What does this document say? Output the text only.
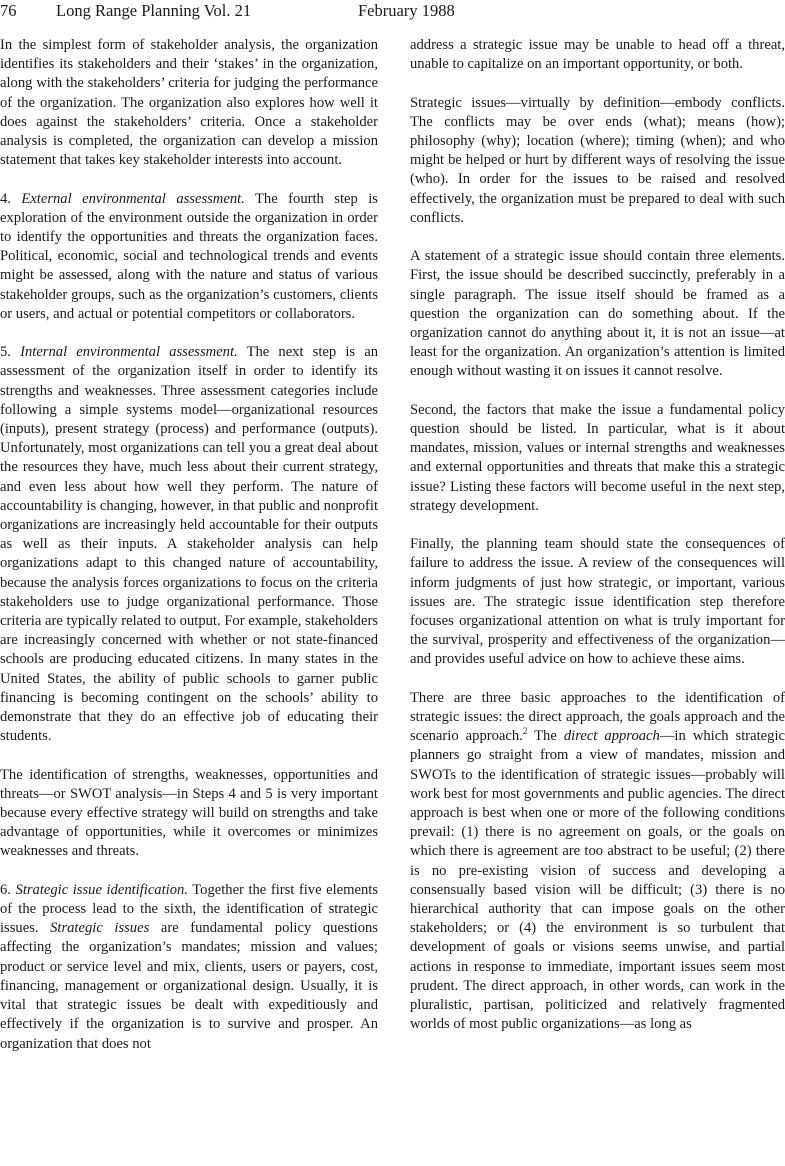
76 Long Range Planning Vol. 21	February 1988

In the simplest form of stakeholder analysis, the organization identifies its stakeholders and their ‘stakes’ in the organization, along with the stakeholders’ criteria for judging the performance of the organization. The organization also explores how well it does against the stakeholders’ criteria. Once a stakeholder analysis is completed, the organization can develop a mission statement that takes key stakeholder interests into account.

4. External environmental assessment. The fourth step is exploration of the environment outside the organization in order to identify the opportunities and threats the organization faces. Political, economic, social and technological trends and events might be assessed, along with the nature and status of various stakeholder groups, such as the organization’s customers, clients or users, and actual or potential competitors or collaborators.

5. Internal environmental assessment. The next step is an assessment of the organization itself in order to identify its strengths and weaknesses. Three assessment categories include following a simple systems model—organizational resources (inputs), present strategy (process) and performance (outputs). Unfortunately, most organizations can tell you a great deal about the resources they have, much less about their current strategy, and even less about how well they perform. The nature of accountability is changing, however, in that public and nonprofit organizations are increasingly held accountable for their outputs as well as their inputs. A stakeholder analysis can help organizations adapt to this changed nature of accountability, because the analysis forces organizations to focus on the criteria stakeholders use to judge organizational performance. Those criteria are typically related to output. For example, stakeholders are increasingly concerned with whether or not state-financed schools are producing educated citizens. In many states in the United States, the ability of public schools to garner public financing is becoming contingent on the schools’ ability to demonstrate that they do an effective job of educating their students.

The identification of strengths, weaknesses, opportunities and threats—or SWOT analysis—in Steps 4 and 5 is very important because every effective strategy will build on strengths and take advantage of opportunities, while it overcomes or minimizes weaknesses and threats.

6. Strategic issue identification. Together the first five elements of the process lead to the sixth, the identification of strategic issues. Strategic issues are fundamental policy questions affecting the organization’s mandates; mission and values; product or service level and mix, clients, users or payers, cost, financing, management or organizational design. Usually, it is vital that strategic issues be dealt with expeditiously and effectively if the organization is to survive and prosper. An organization that does not

address a strategic issue may be unable to head off a threat, unable to capitalize on an important opportunity, or both.

Strategic issues—virtually by definition—embody conflicts. The conflicts may be over ends (what); means (how); philosophy (why); location (where); timing (when); and who might be helped or hurt by different ways of resolving the issue (who). In order for the issues to be raised and resolved effectively, the organization must be prepared to deal with such conflicts.

A statement of a strategic issue should contain three elements. First, the issue should be described succinctly, preferably in a single paragraph. The issue itself should be framed as a question the organization can do something about. If the organization cannot do anything about it, it is not an issue—at least for the organization. An organization’s attention is limited enough without wasting it on issues it cannot resolve.

Second, the factors that make the issue a fundamental policy question should be listed. In particular, what is it about mandates, mission, values or internal strengths and weaknesses and external opportunities and threats that make this a strategic issue? Listing these factors will become useful in the next step, strategy development.

Finally, the planning team should state the consequences of failure to address the issue. A review of the consequences will inform judgments of just how strategic, or important, various issues are. The strategic issue identification step therefore focuses organizational attention on what is truly important for the survival, prosperity and effectiveness of the organization—and provides useful advice on how to achieve these aims.

There are three basic approaches to the identification of strategic issues: the direct approach, the goals approach and the scenario approach.$^2$ The direct approach—in which strategic planners go straight from a view of mandates, mission and SWOTs to the identification of strategic issues—probably will work best for most governments and public agencies. The direct approach is best when one or more of the following conditions prevail: (1) there is no agreement on goals, or the goals on which there is agreement are too abstract to be useful; (2) there is no pre-existing vision of success and developing a consensually based vision will be difficult; (3) there is no hierarchical authority that can impose goals on the other stakeholders; or (4) the environment is so turbulent that development of goals or visions seems unwise, and partial actions in response to immediate, important issues seem most prudent. The direct approach, in other words, can work in the pluralistic, partisan, politicized and relatively fragmented worlds of most public organizations—as long as
